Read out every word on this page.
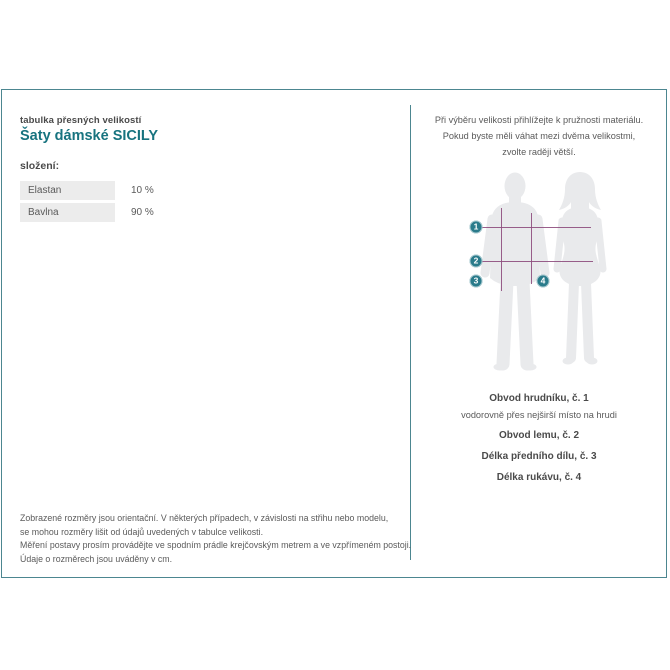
tabulka přesných velikostí
Šaty dámské SICILY
složení:
Elastan	10 %
Bavlna	90 %
Zobrazené rozměry jsou orientační. V některých případech, v závislosti na střihu nebo modelu,
se mohou rozměry lišit od údajů uvedených v tabulce velikosti.
Měření postavy prosím provádějte ve spodním prádle krejčovským metrem a ve vzpřímeném postoji.
Údaje o rozměrech jsou uváděny v cm.
Při výběru velikosti přihlížejte k pružnosti materiálu.
Pokud byste měli váhat mezi dvěma velikostmi,
zvolte raději větší.
1
2
3	4
Obvod hrudníku, č. 1
vodorovně přes nejširší místo na hrudi
Obvod lemu, č. 2
Délka předního dílu, č. 3
Délka rukávu, č. 4
